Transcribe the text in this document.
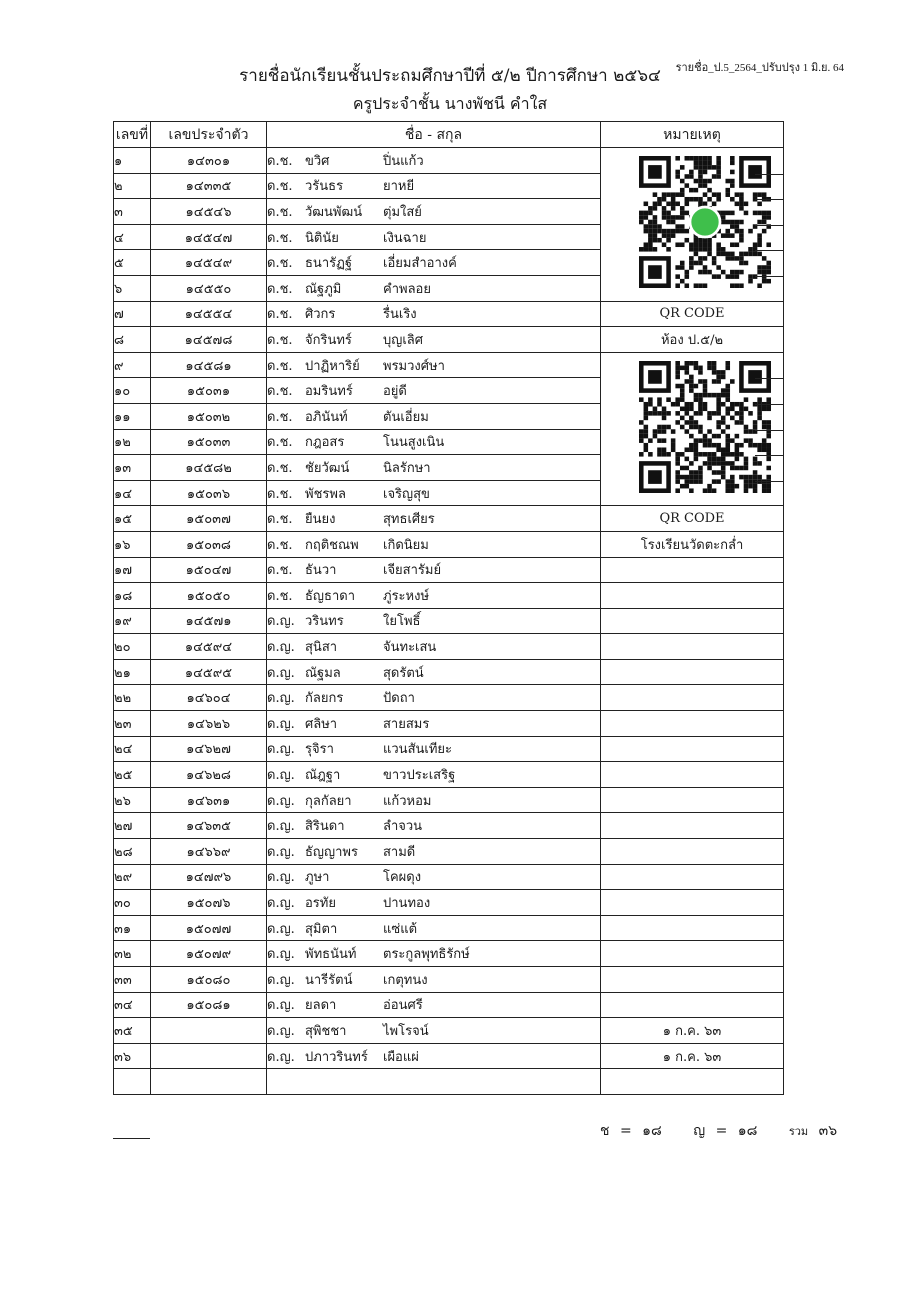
รายชื่อ_ป.5_2564_ปรับปรุง 1 มิ.ย. 64
รายชื่อนักเรียนชั้นประถมศึกษาปีที่ ๕/๒ ปีการศึกษา ๒๕๖๔
ครูประจำชั้น นางพัชนี คำใส
เลขที่	เลขประจำตัว	ชื่อ - สกุล	หมายเหตุ
๑	๑๔๓๐๑	ด.ช. ขวิศ ปิ่นแก้ว	

๒	๑๔๓๓๕	ด.ช. วรันธร ยาหยี	
๓	๑๔๕๔๖	ด.ช. วัฒนพัฒน์ ตุ่มใสย์	
๔	๑๔๕๔๗	ด.ช. นิตินัย เงินฉาย	
๕	๑๔๕๔๙	ด.ช. ธนารัฏฐ์ เอี่ยมสำอางค์	
๖	๑๔๕๕๐	ด.ช. ณัฐภูมิ คำพลอย	
๗	๑๔๕๕๔	ด.ช. ศิวกร รื่นเริง	QR CODE
๘	๑๔๕๗๘	ด.ช. จักรินทร์ บุญเลิศ	ห้อง ป.๕/๒
๙	๑๔๕๘๑	ด.ช. ปาฏิหาริย์ พรมวงศ์ษา	

๑๐	๑๕๐๓๑	ด.ช. อมรินทร์ อยู่ดี	
๑๑	๑๕๐๓๒	ด.ช. อภินันท์ ตันเอี่ยม	
๑๒	๑๕๐๓๓	ด.ช. กฎอสร โนนสูงเนิน	
๑๓	๑๔๕๘๒	ด.ช. ชัยวัฒน์ นิลรักษา	
๑๔	๑๕๐๓๖	ด.ช. พัชรพล เจริญสุข	
๑๕	๑๕๐๓๗	ด.ช. ยืนยง สุทธเศียร	QR CODE
๑๖	๑๕๐๓๘	ด.ช. กฤติชณพ เกิดนิยม	โรงเรียนวัดตะกล่ำ
๑๗	๑๕๐๔๗	ด.ช. ธันวา เจียสารัมย์	
๑๘	๑๕๐๕๐	ด.ช. ธัญธาดา ภู่ระหงษ์	
๑๙	๑๔๕๗๑	ด.ญ. วรินทร ใยโพธิ์	
๒๐	๑๔๕๙๔	ด.ญ. สุนิสา จันทะเสน	
๒๑	๑๔๕๙๕	ด.ญ. ณัฐมล สุดรัตน์	
๒๒	๑๔๖๐๔	ด.ญ. กัลยกร ปัดถา	
๒๓	๑๔๖๒๖	ด.ญ. ศลิษา สายสมร	
๒๔	๑๔๖๒๗	ด.ญ. รุจิรา แวนสันเทียะ	
๒๕	๑๔๖๒๘	ด.ญ. ณัฎฐา ขาวประเสริฐ	
๒๖	๑๔๖๓๑	ด.ญ. กุลกัลยา แก้วหอม	
๒๗	๑๔๖๓๕	ด.ญ. สิรินดา ลำจวน	
๒๘	๑๔๖๖๙	ด.ญ. ธัญญาพร สามดี	
๒๙	๑๔๗๙๖	ด.ญ. ภูษา โคผดุง	
๓๐	๑๕๐๗๖	ด.ญ. อรทัย ปานทอง	
๓๑	๑๕๐๗๗	ด.ญ. สุมิตา แซ่แต้	
๓๒	๑๕๐๗๙	ด.ญ. พัทธนันท์ ตระกูลพุทธิรักษ์	
๓๓	๑๕๐๘๐	ด.ญ. นารีรัตน์ เกตุทนง	
๓๔	๑๕๐๘๑	ด.ญ. ยลดา อ่อนศรี	
๓๕		ด.ญ. สุพิชชา ไพโรจน์	๑ ก.ค. ๖๓
๓๖		ด.ญ. ปภาวรินทร์ เผือแผ่	๑ ก.ค. ๖๓

ช = ๑๘ ญ = ๑๘	รวม ๓๖
